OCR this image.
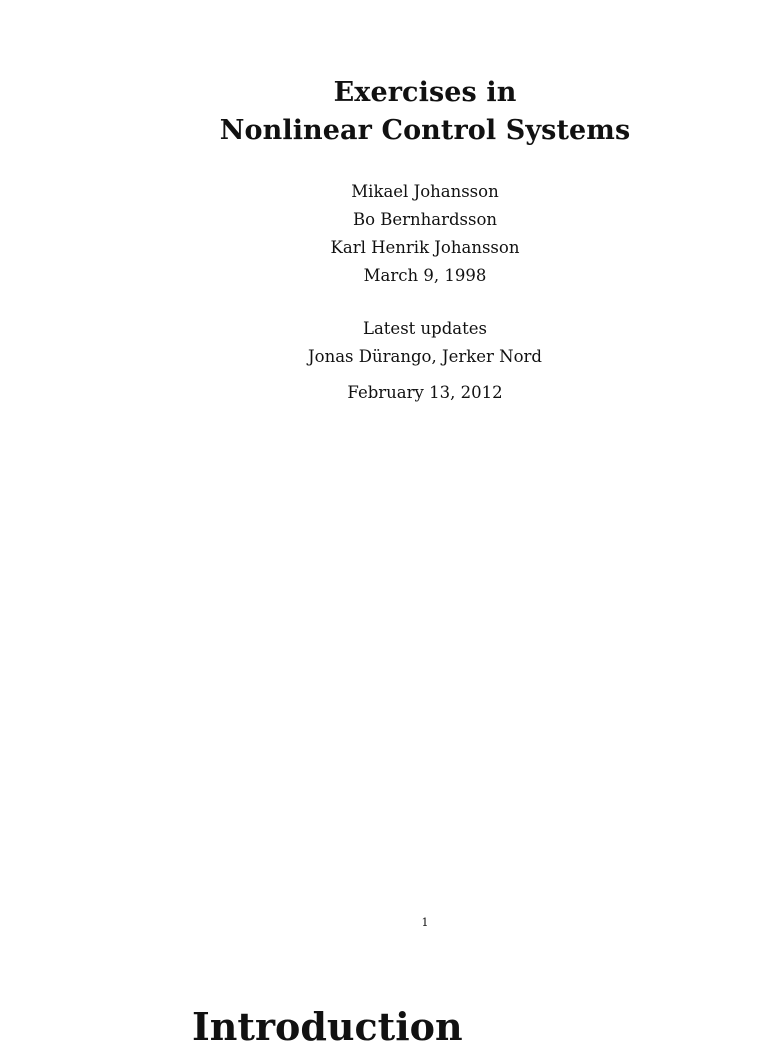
Exercises in
Nonlinear Control Systems
Mikael Johansson
Bo Bernhardsson
Karl Henrik Johansson
March 9, 1998
Latest updates
Jonas Dürango, Jerker Nord
February 13, 2012
1
Introduction
